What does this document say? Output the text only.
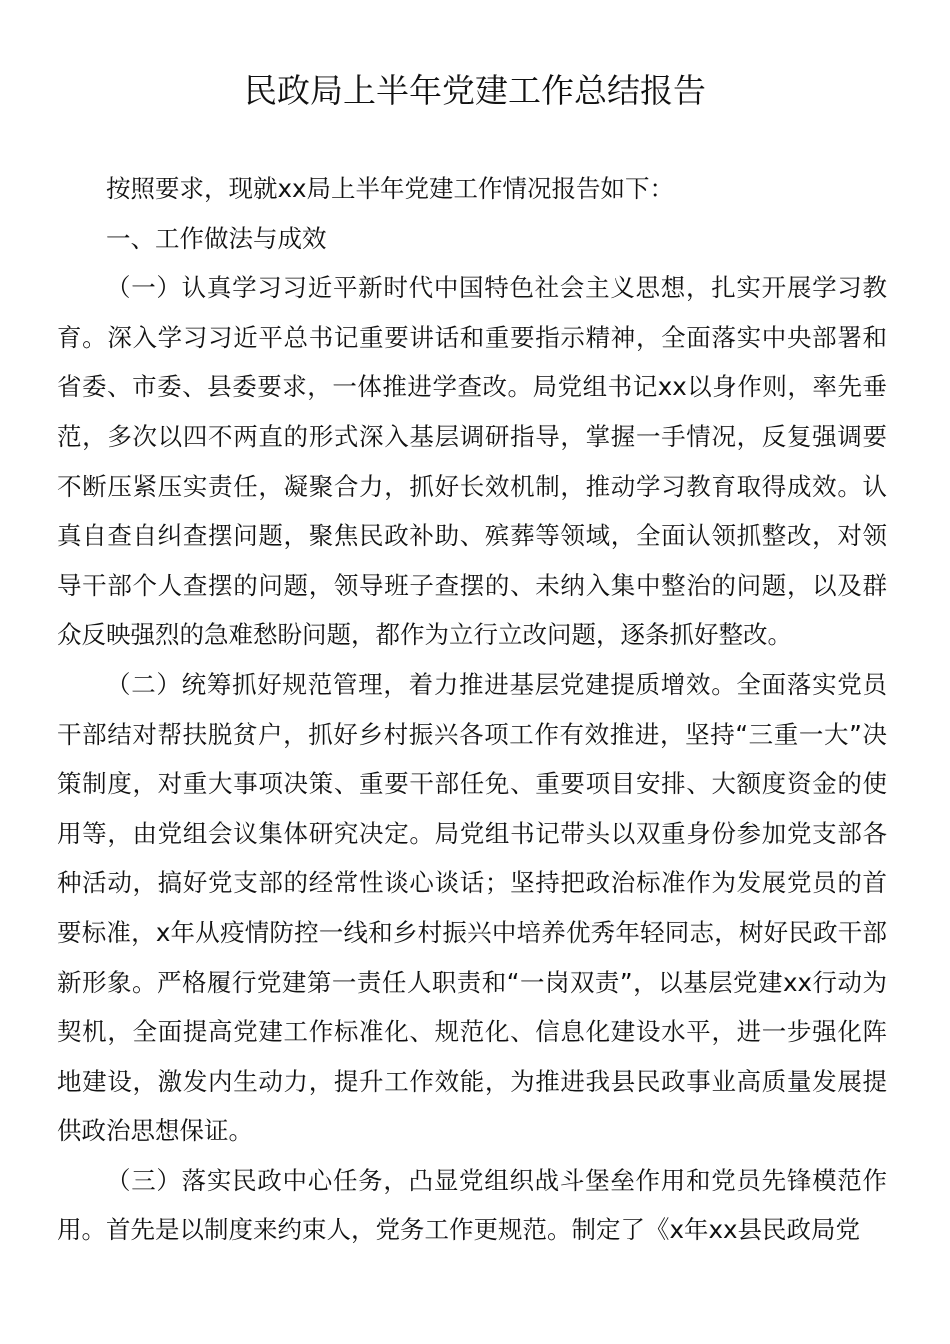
民政局上半年党建工作总结报告

按照要求，现就xx局上半年党建工作情况报告如下：

一、工作做法与成效

（一）认真学习习近平新时代中国特色社会主义思想，扎实开展学习教育。深入学习习近平总书记重要讲话和重要指示精神，全面落实中央部署和省委、市委、县委要求，一体推进学查改。局党组书记xx以身作则，率先垂范，多次以四不两直的形式深入基层调研指导，掌握一手情况，反复强调要不断压紧压实责任，凝聚合力，抓好长效机制，推动学习教育取得成效。认真自查自纠查摆问题，聚焦民政补助、殡葬等领域，全面认领抓整改，对领导干部个人查摆的问题，领导班子查摆的、未纳入集中整治的问题，以及群众反映强烈的急难愁盼问题，都作为立行立改问题，逐条抓好整改。

（二）统筹抓好规范管理，着力推进基层党建提质增效。全面落实党员干部结对帮扶脱贫户，抓好乡村振兴各项工作有效推进，坚持“三重一大”决策制度，对重大事项决策、重要干部任免、重要项目安排、大额度资金的使用等，由党组会议集体研究决定。局党组书记带头以双重身份参加党支部各种活动，搞好党支部的经常性谈心谈话；坚持把政治标准作为发展党员的首要标准，x年从疫情防控一线和乡村振兴中培养优秀年轻同志，树好民政干部新形象。严格履行党建第一责任人职责和“一岗双责”，以基层党建xx行动为契机，全面提高党建工作标准化、规范化、信息化建设水平，进一步强化阵地建设，激发内生动力，提升工作效能，为推进我县民政事业高质量发展提供政治思想保证。

（三）落实民政中心任务，凸显党组织战斗堡垒作用和党员先锋模范作用。首先是以制度来约束人，党务工作更规范。制定了《x年xx县民政局党
